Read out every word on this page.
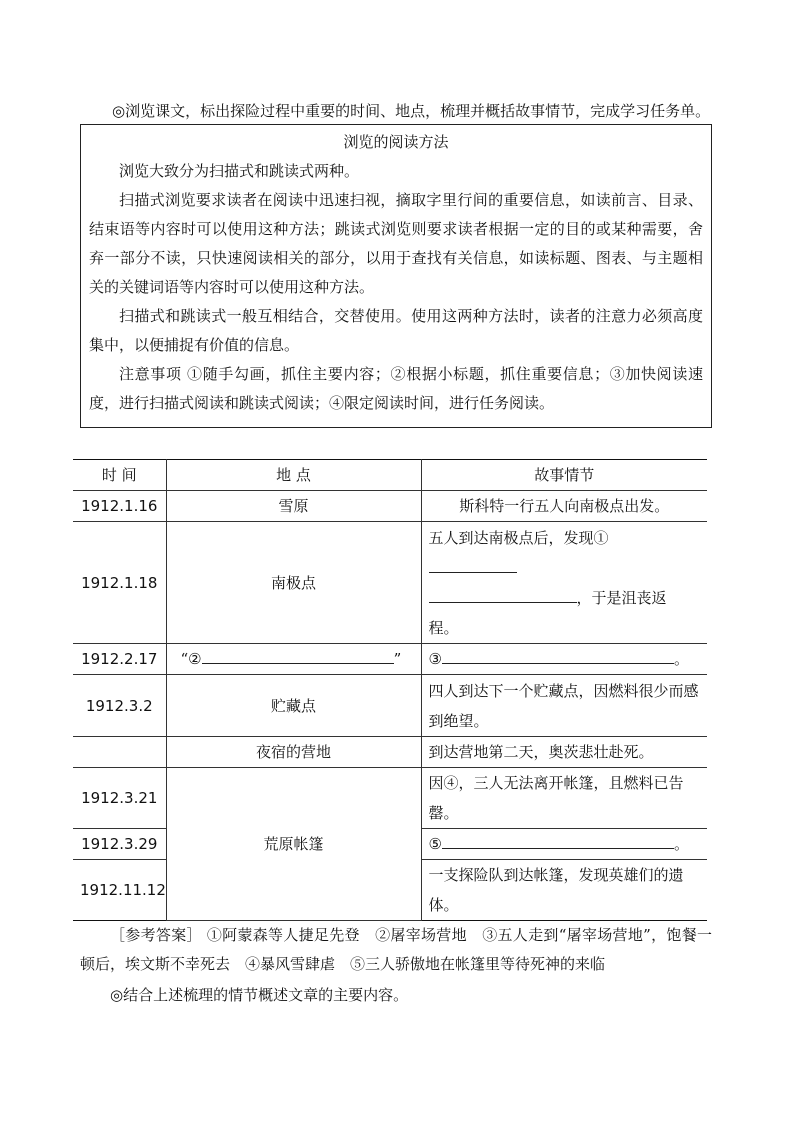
◎浏览课文，标出探险过程中重要的时间、地点，梳理并概括故事情节，完成学习任务单。

浏览的阅读方法

浏览大致分为扫描式和跳读式两种。

扫描式浏览要求读者在阅读中迅速扫视，摘取字里行间的重要信息，如读前言、目录、结束语等内容时可以使用这种方法；跳读式浏览则要求读者根据一定的目的或某种需要，舍弃一部分不读，只快速阅读相关的部分，以用于查找有关信息，如读标题、图表、与主题相关的关键词语等内容时可以使用这种方法。

扫描式和跳读式一般互相结合，交替使用。使用这两种方法时，读者的注意力必须高度集中，以便捕捉有价值的信息。

注意事项 ①随手勾画，抓住主要内容；②根据小标题，抓住重要信息；③加快阅读速度，进行扫描式阅读和跳读式阅读；④限定阅读时间，进行任务阅读。

时 间	地 点	故事情节
1912.1.16	雪原	斯科特一行五人向南极点出发。
1912.1.18	南极点	五人到达南极点后，发现①
，于是沮丧返
程。

1912.2.17	“② ”	③ 。
1912.3.2	贮藏点	四人到达下一个贮藏点，因燃料很少而感到绝望。
	夜宿的营地	到达营地第二天，奥茨悲壮赴死。
1912.3.21	荒原帐篷	因④，三人无法离开帐篷，且燃料已告罄。
1912.3.29		⑤ 。
1912.11.12		一支探险队到达帐篷，发现英雄们的遗体。

［参考答案］ ①阿蒙森等人捷足先登　②屠宰场营地　③五人走到“屠宰场营地”，饱餐一顿后，埃文斯不幸死去　④暴风雪肆虐　⑤三人骄傲地在帐篷里等待死神的来临

◎结合上述梳理的情节概述文章的主要内容。
